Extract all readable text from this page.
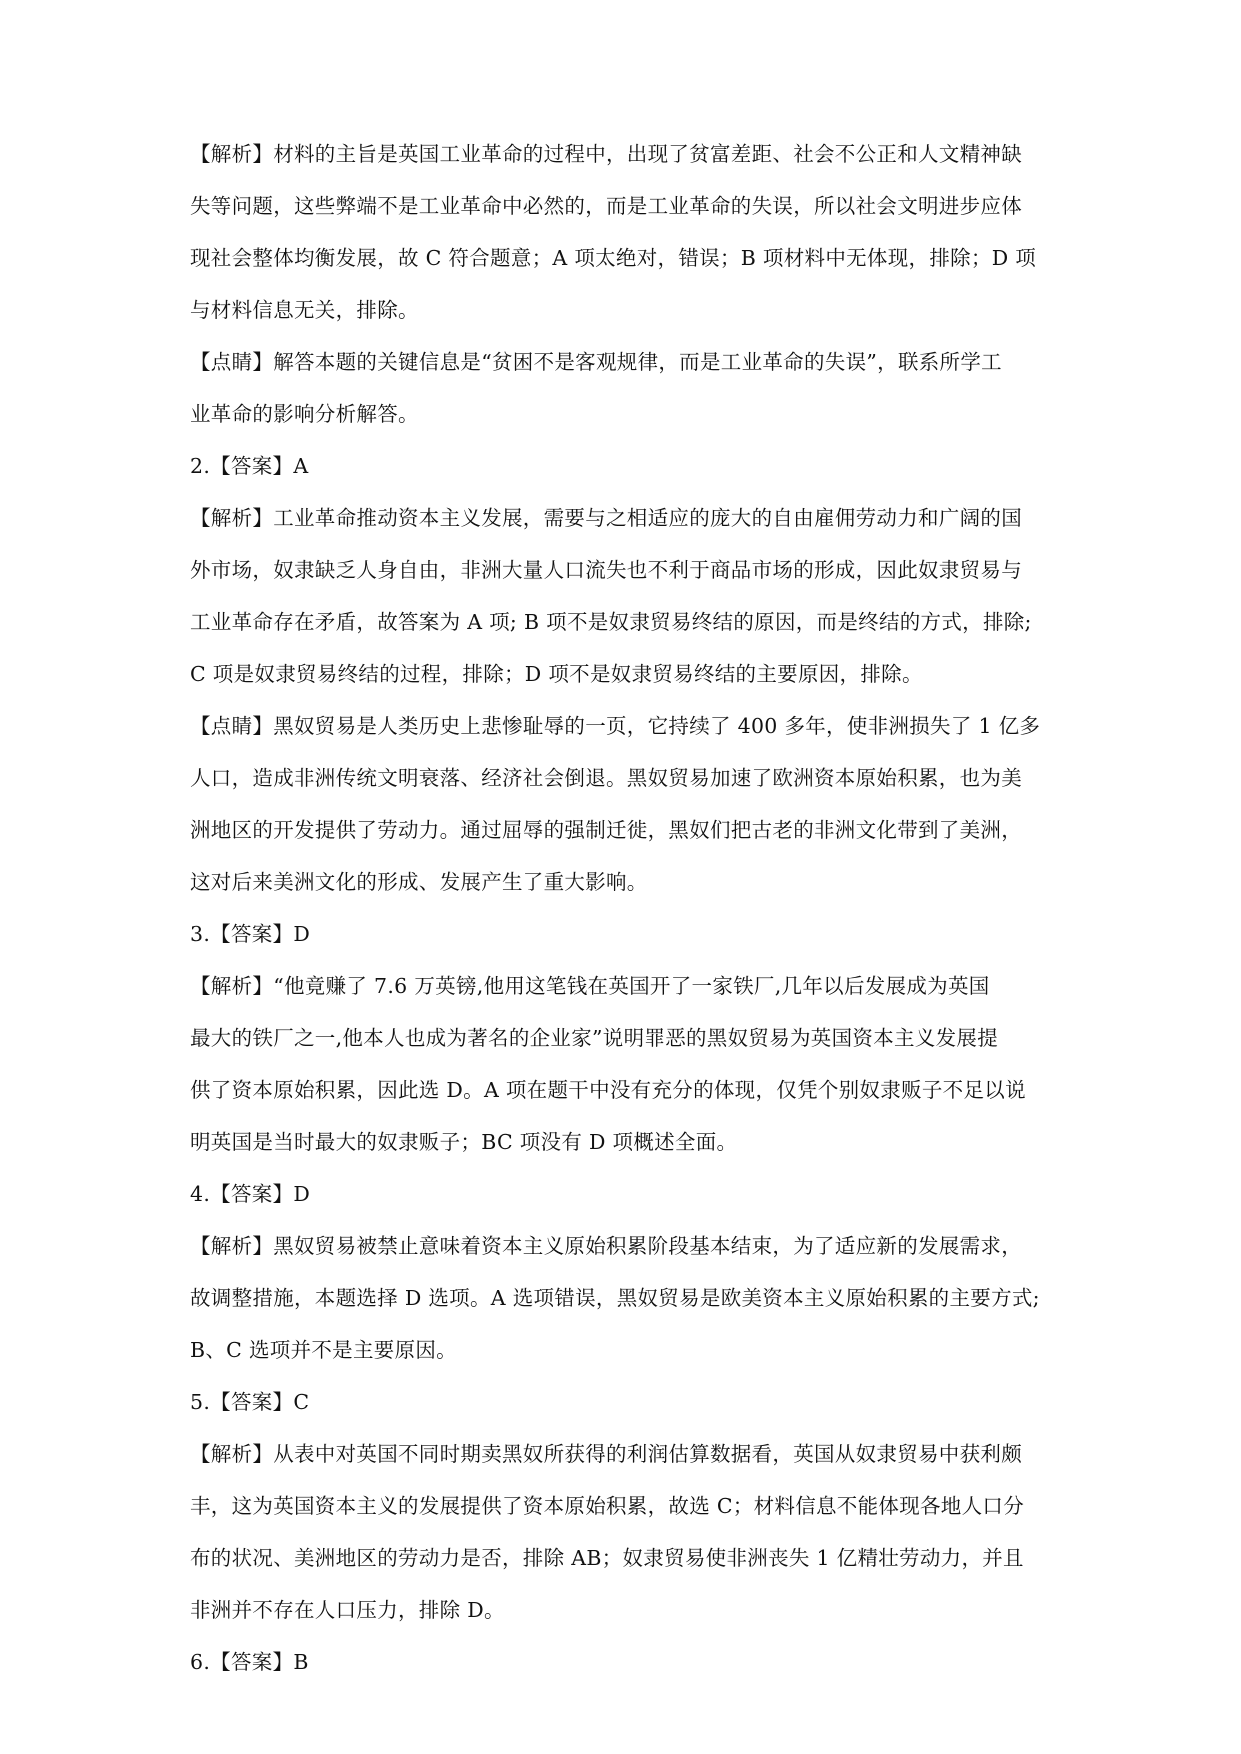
【解析】材料的主旨是英国工业革命的过程中，出现了贫富差距、社会不公正和人文精神缺
失等问题，这些弊端不是工业革命中必然的，而是工业革命的失误，所以社会文明进步应体
现社会整体均衡发展，故 C 符合题意；A 项太绝对，错误；B 项材料中无体现，排除；D 项
与材料信息无关，排除。
【点睛】解答本题的关键信息是“贫困不是客观规律，而是工业革命的失误”，联系所学工
业革命的影响分析解答。
2.【答案】A
【解析】工业革命推动资本主义发展，需要与之相适应的庞大的自由雇佣劳动力和广阔的国
外市场，奴隶缺乏人身自由，非洲大量人口流失也不利于商品市场的形成，因此奴隶贸易与
工业革命存在矛盾，故答案为 A 项; B 项不是奴隶贸易终结的原因，而是终结的方式，排除;
C 项是奴隶贸易终结的过程，排除；D 项不是奴隶贸易终结的主要原因，排除。
【点睛】黑奴贸易是人类历史上悲惨耻辱的一页，它持续了 400 多年，使非洲损失了 1 亿多
人口，造成非洲传统文明衰落、经济社会倒退。黑奴贸易加速了欧洲资本原始积累，也为美
洲地区的开发提供了劳动力。通过屈辱的强制迁徙，黑奴们把古老的非洲文化带到了美洲，
这对后来美洲文化的形成、发展产生了重大影响。
3.【答案】D
【解析】“他竟赚了 7.6 万英镑,他用这笔钱在英国开了一家铁厂,几年以后发展成为英国
最大的铁厂之一,他本人也成为著名的企业家”说明罪恶的黑奴贸易为英国资本主义发展提
供了资本原始积累，因此选 D。A 项在题干中没有充分的体现，仅凭个别奴隶贩子不足以说
明英国是当时最大的奴隶贩子；BC 项没有 D 项概述全面。
4.【答案】D
【解析】黑奴贸易被禁止意味着资本主义原始积累阶段基本结束，为了适应新的发展需求，
故调整措施，本题选择 D 选项。A 选项错误，黑奴贸易是欧美资本主义原始积累的主要方式;
B、C 选项并不是主要原因。
5.【答案】C
【解析】从表中对英国不同时期卖黑奴所获得的利润估算数据看，英国从奴隶贸易中获利颇
丰，这为英国资本主义的发展提供了资本原始积累，故选 C；材料信息不能体现各地人口分
布的状况、美洲地区的劳动力是否，排除 AB；奴隶贸易使非洲丧失 1 亿精壮劳动力，并且
非洲并不存在人口压力，排除 D。
6.【答案】B
